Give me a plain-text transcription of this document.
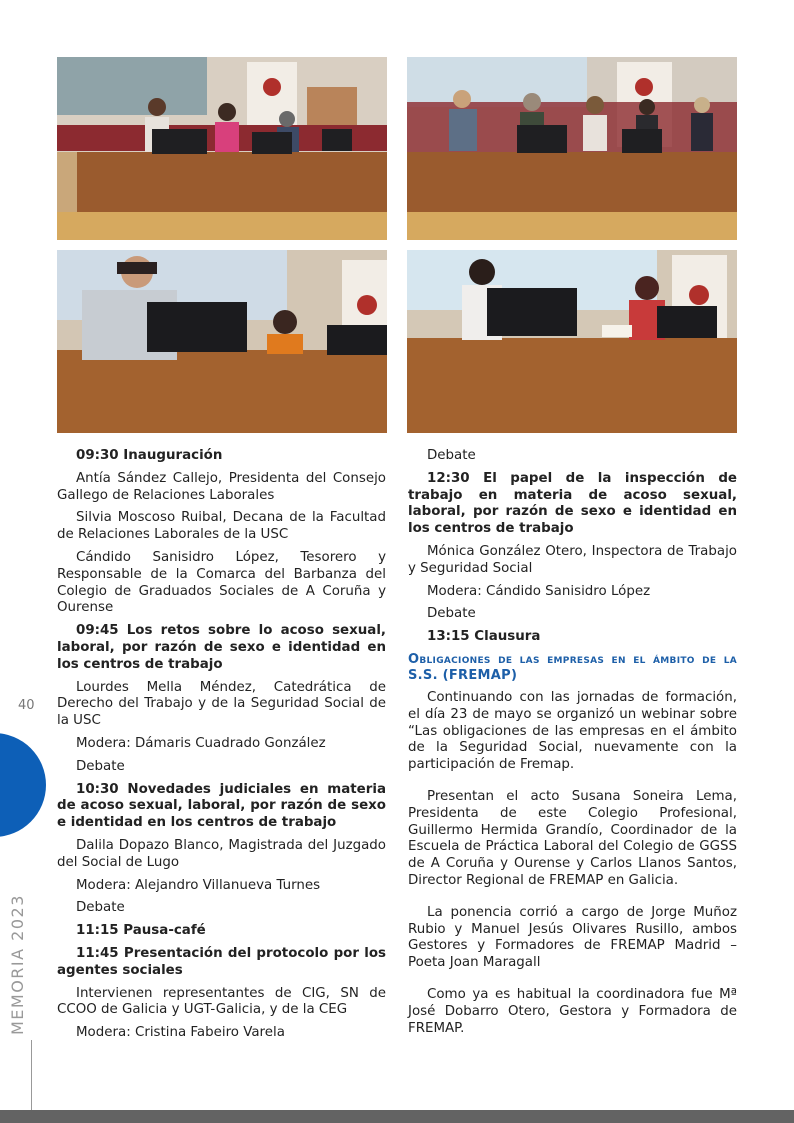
09:30 Inauguración

Antía Sández Callejo, Presidenta del Consejo Gallego de Relaciones Laborales

Silvia Moscoso Ruibal, Decana de la Facultad de Relaciones Laborales de la USC

Cándido Sanisidro López, Tesorero y Responsable de la Comarca del Barbanza del Colegio de Graduados Sociales de A Coruña y Ourense

09:45 Los retos sobre lo acoso sexual, laboral, por razón de sexo e identidad en los centros de trabajo

Lourdes Mella Méndez, Catedrática de Derecho del Trabajo y de la Seguridad Social de la USC

Modera: Dámaris Cuadrado González

Debate

10:30 Novedades judiciales en materia de acoso sexual, laboral, por razón de sexo e identidad en los centros de trabajo

Dalila Dopazo Blanco, Magistrada del Juzgado del Social de Lugo

Modera: Alejandro Villanueva Turnes

Debate

11:15 Pausa-café

11:45 Presentación del protocolo por los agentes sociales

Intervienen representantes de CIG, SN de CCOO de Galicia y UGT-Galicia, y de la CEG

Modera: Cristina Fabeiro Varela

Debate

12:30 El papel de la inspección de trabajo en materia de acoso sexual, laboral, por razón de sexo e identidad en los centros de trabajo

Mónica González Otero, Inspectora de Trabajo y Seguridad Social

Modera: Cándido Sanisidro López

Debate

13:15 Clausura

Obligaciones de las empresas en el ámbito de la S.S. (FREMAP)

Continuando con las jornadas de formación, el día 23 de mayo se organizó un webinar sobre “Las obligaciones de las empresas en el ámbito de la Seguridad Social, nuevamente con la participación de Fremap.

Presentan el acto Susana Soneira Lema, Presidenta de este Colegio Profesional, Guillermo Hermida Grandío, Coordinador de la Escuela de Práctica Laboral del Colegio de GGSS de A Coruña y Ourense y Carlos Llanos Santos, Director Regional de FREMAP en Galicia.

La ponencia corrió a cargo de Jorge Muñoz Rubio y Manuel Jesús Olivares Rusillo, ambos Gestores y Formadores de FREMAP Madrid – Poeta Joan Maragall

Como ya es habitual la coordinadora fue Mª José Dobarro Otero, Gestora y Formadora de FREMAP.

40
MEMORIA 2023
